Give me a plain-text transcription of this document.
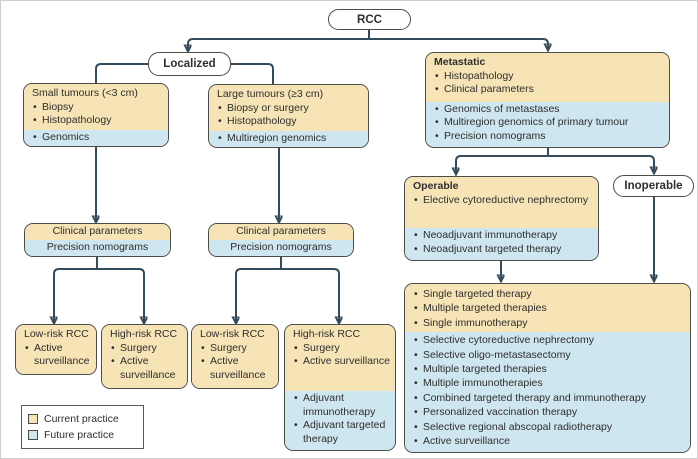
RCC
Localized
Inoperable
Small tumours (<3 cm)
• Biopsy
• Histopathology
• Genomics
Large tumours (≥3 cm)
• Biopsy or surgery
• Histopathology
• Multiregion genomics
Metastatic
• Histopathology
• Clinical parameters
• Genomics of metastases
• Multiregion genomics of primary tumour
• Precision nomograms
Clinical parameters
Precision nomograms
Clinical parameters
Precision nomograms
Operable
• Elective cytoreductive nephrectomy
• Neoadjuvant immunotherapy
• Neoadjuvant targeted therapy
Low-risk RCC
• Active surveillance
High-risk RCC
• Surgery
• Active surveillance
Low-risk RCC
• Surgery
• Active surveillance
High-risk RCC
• Surgery
• Active surveillance
• Adjuvant immunotherapy
• Adjuvant targeted therapy
• Single targeted therapy
• Multiple targeted therapies
• Single immunotherapy
• Selective cytoreductive nephrectomy
• Selective oligo-metastasectomy
• Multiple targeted therapies
• Multiple immunotherapies
• Combined targeted therapy and immunotherapy
• Personalized vaccination therapy
• Selective regional abscopal radiotherapy
• Active surveillance
Current practice
Future practice
